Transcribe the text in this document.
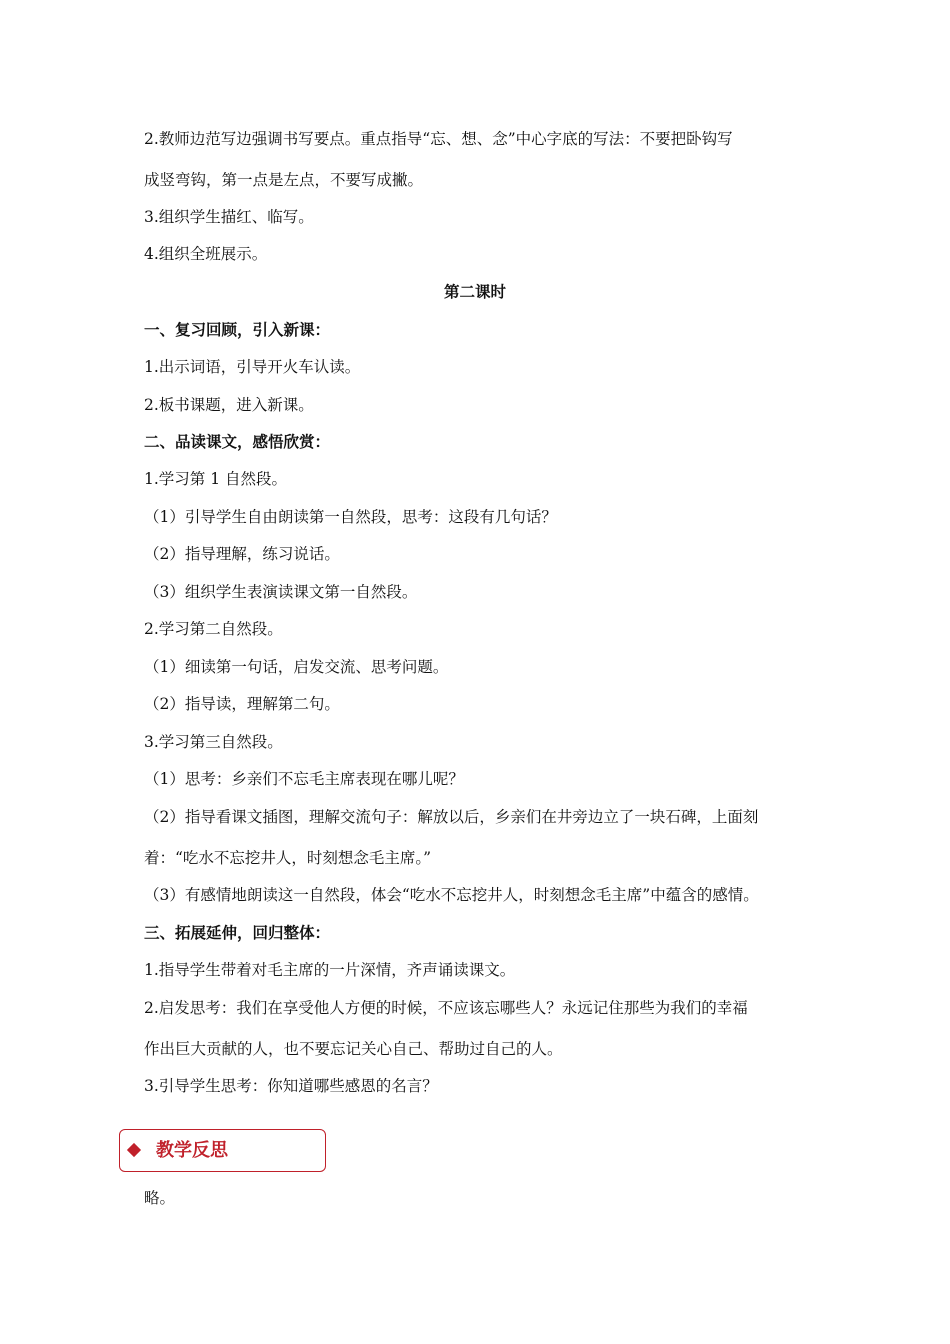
2.教师边范写边强调书写要点。重点指导“忘、想、念”中心字底的写法：不要把卧钩写
成竖弯钩，第一点是左点，不要写成撇。
3.组织学生描红、临写。
4.组织全班展示。
第二课时
一、复习回顾，引入新课：
1.出示词语，引导开火车认读。
2.板书课题，进入新课。
二、品读课文，感悟欣赏：
1.学习第 1 自然段。
（1）引导学生自由朗读第一自然段，思考：这段有几句话？
（2）指导理解，练习说话。
（3）组织学生表演读课文第一自然段。
2.学习第二自然段。
（1）细读第一句话，启发交流、思考问题。
（2）指导读，理解第二句。
3.学习第三自然段。
（1）思考：乡亲们不忘毛主席表现在哪儿呢？
（2）指导看课文插图，理解交流句子：解放以后，乡亲们在井旁边立了一块石碑，上面刻
着：“吃水不忘挖井人，时刻想念毛主席。”
（3）有感情地朗读这一自然段，体会“吃水不忘挖井人，时刻想念毛主席”中蕴含的感情。
三、拓展延伸，回归整体：
1.指导学生带着对毛主席的一片深情，齐声诵读课文。
2.启发思考：我们在享受他人方便的时候，不应该忘哪些人？永远记住那些为我们的幸福
作出巨大贡献的人，也不要忘记关心自己、帮助过自己的人。
3.引导学生思考：你知道哪些感恩的名言？
教学反思
略。
